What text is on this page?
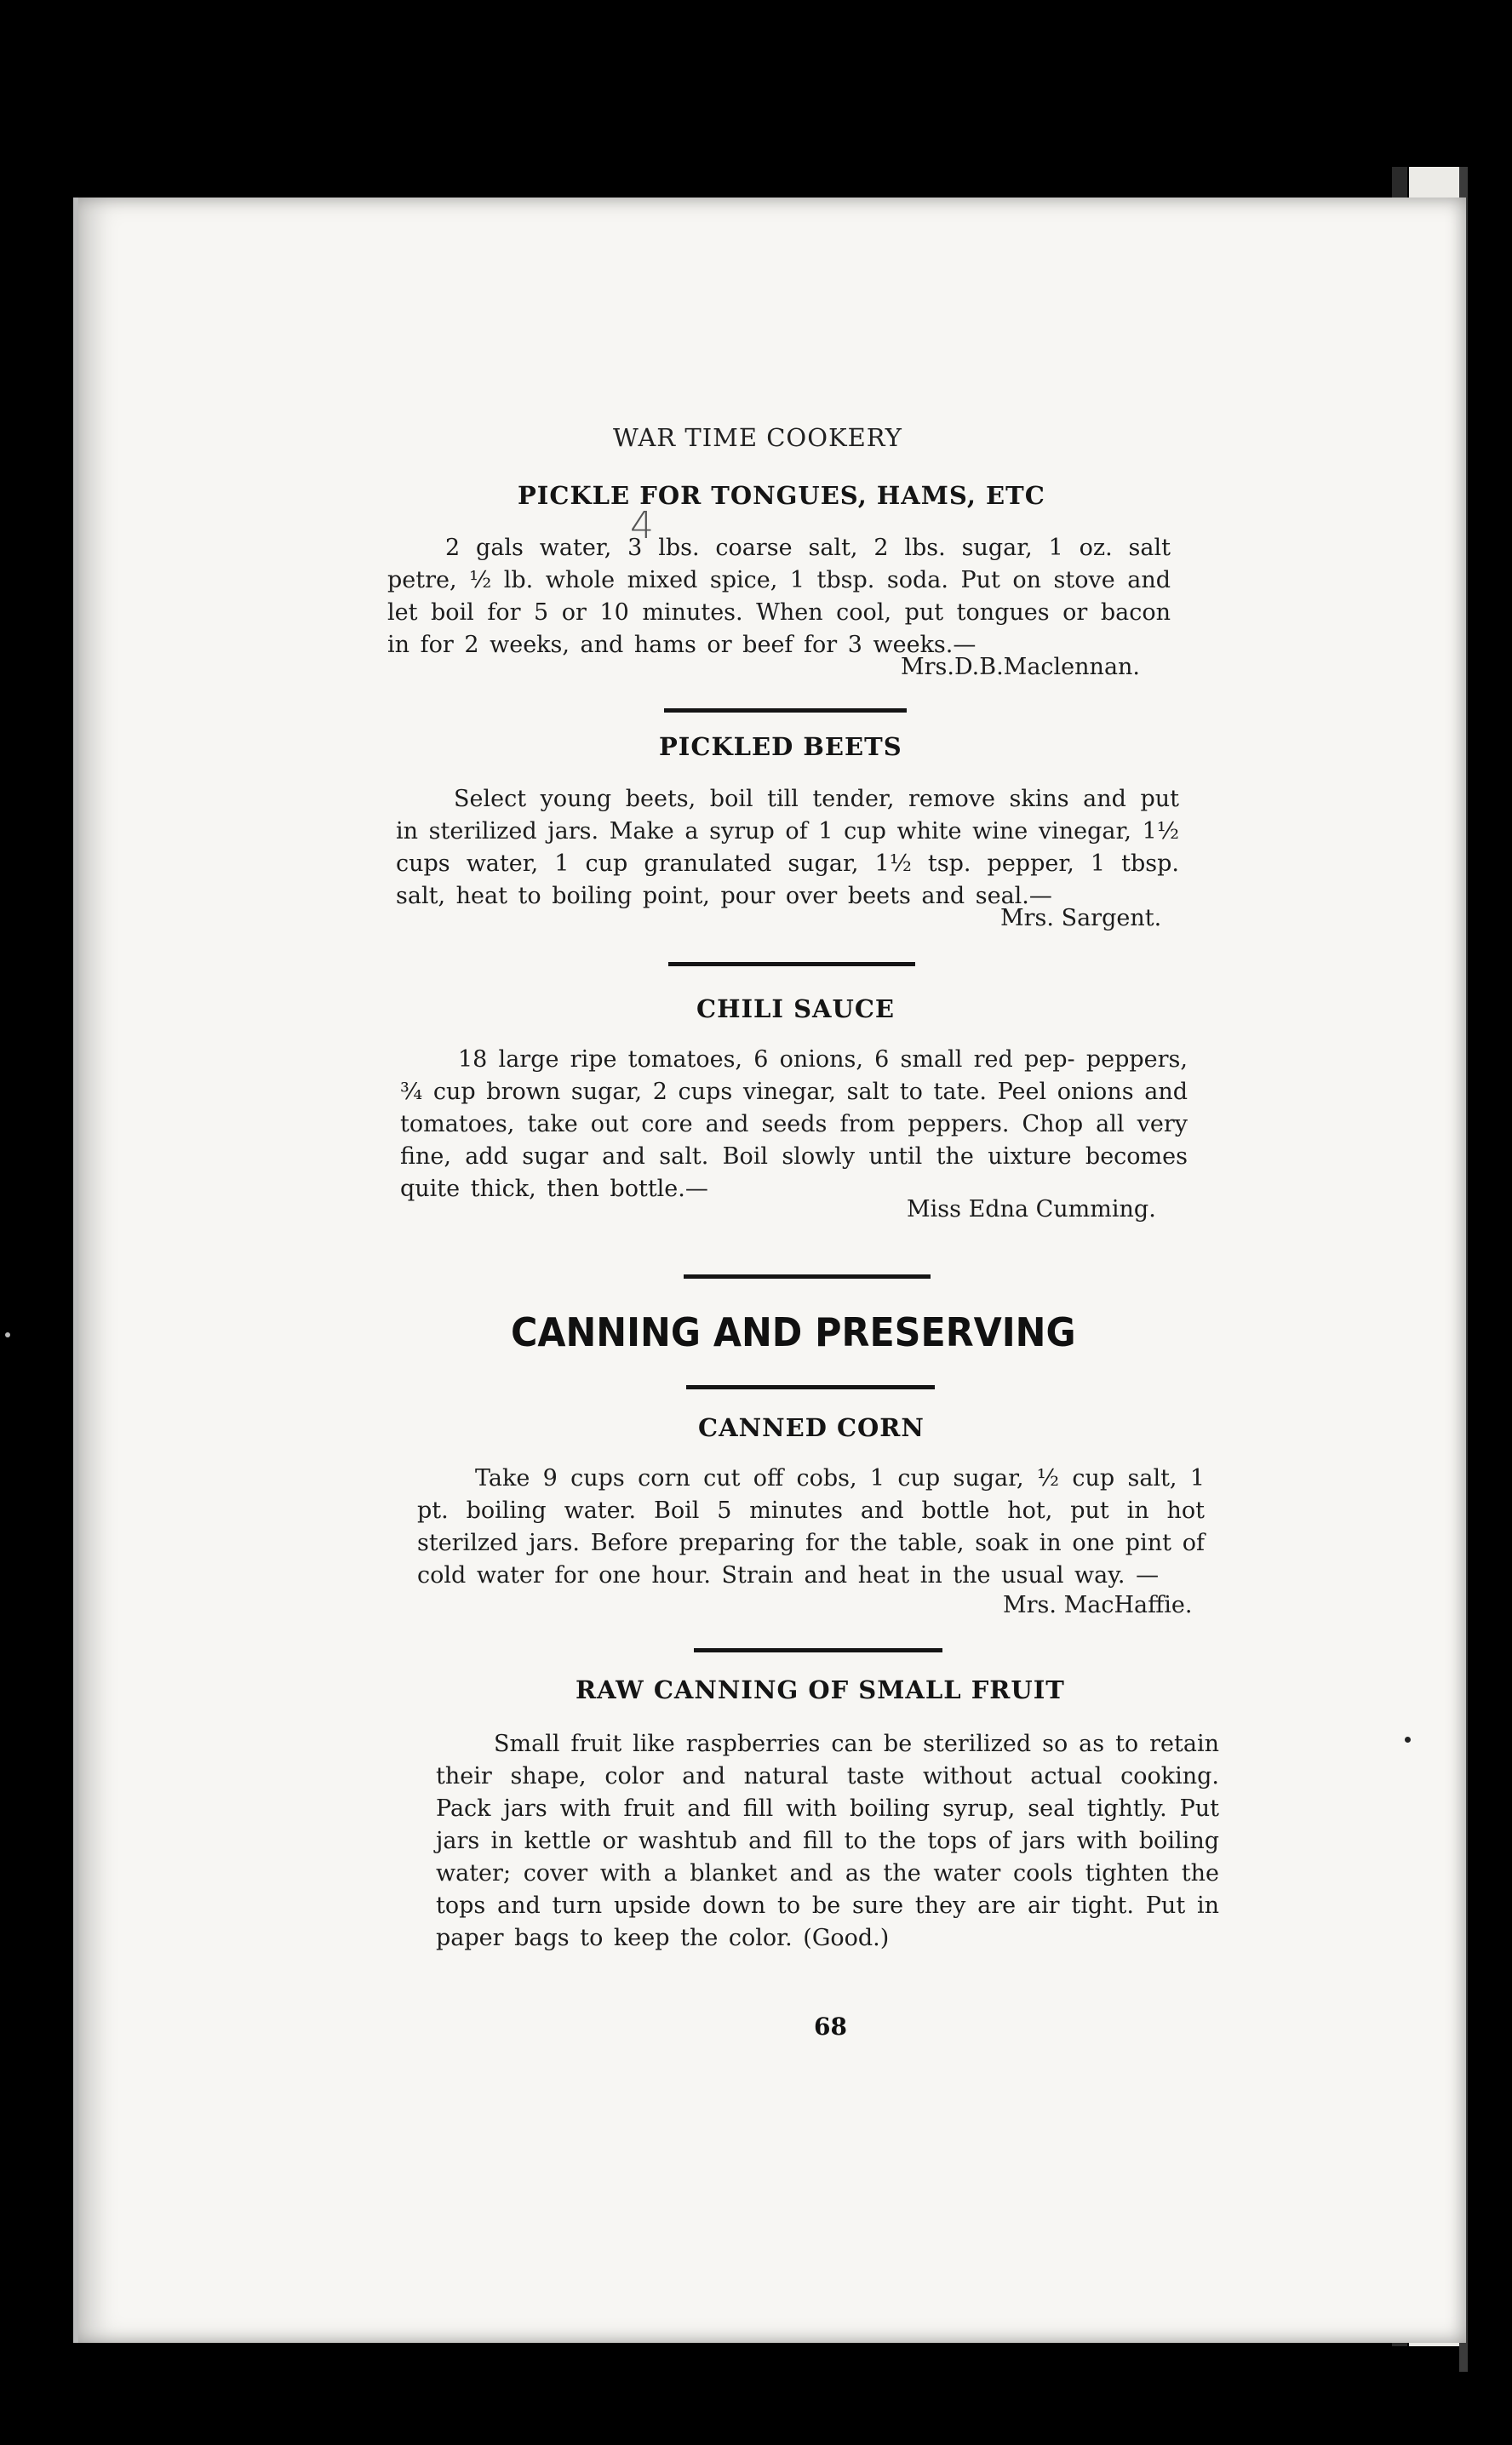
WAR TIME COOKERY
4
PICKLE FOR TONGUES, HAMS, ETC
2 gals water, 3 lbs. coarse salt, 2 lbs. sugar, 1 oz. salt petre, ½ lb. whole mixed spice, 1 tbsp. soda. Put on stove and let boil for 5 or 10 minutes. When cool, put tongues or bacon in for 2 weeks, and hams or beef for 3 weeks.—
Mrs.D.B.Maclennan.
PICKLED BEETS
Select young beets, boil till tender, remove skins and put in sterilized jars. Make a syrup of 1 cup white wine vinegar, 1½ cups water, 1 cup granulated sugar, 1½ tsp. pepper, 1 tbsp. salt, heat to boiling point, pour over beets and seal.—
Mrs. Sargent.
CHILI SAUCE
18 large ripe tomatoes, 6 onions, 6 small red pep- peppers, ¾ cup brown sugar, 2 cups vinegar, salt to tate. Peel onions and tomatoes, take out core and seeds from peppers. Chop all very fine, add sugar and salt. Boil slowly until the uixture becomes quite thick, then bottle.—
Miss Edna Cumming.
CANNING AND PRESERVING
CANNED CORN
Take 9 cups corn cut off cobs, 1 cup sugar, ½ cup salt, 1 pt. boiling water. Boil 5 minutes and bottle hot, put in hot sterilzed jars. Before preparing for the table, soak in one pint of cold water for one hour. Strain and heat in the usual way. —
Mrs. MacHaffie.
RAW CANNING OF SMALL FRUIT
Small fruit like raspberries can be sterilized so as to retain their shape, color and natural taste without actual cooking. Pack jars with fruit and fill with boiling syrup, seal tightly. Put jars in kettle or washtub and fill to the tops of jars with boiling water; cover with a blanket and as the water cools tighten the tops and turn upside down to be sure they are air tight. Put in paper bags to keep the color. (Good.)
68
